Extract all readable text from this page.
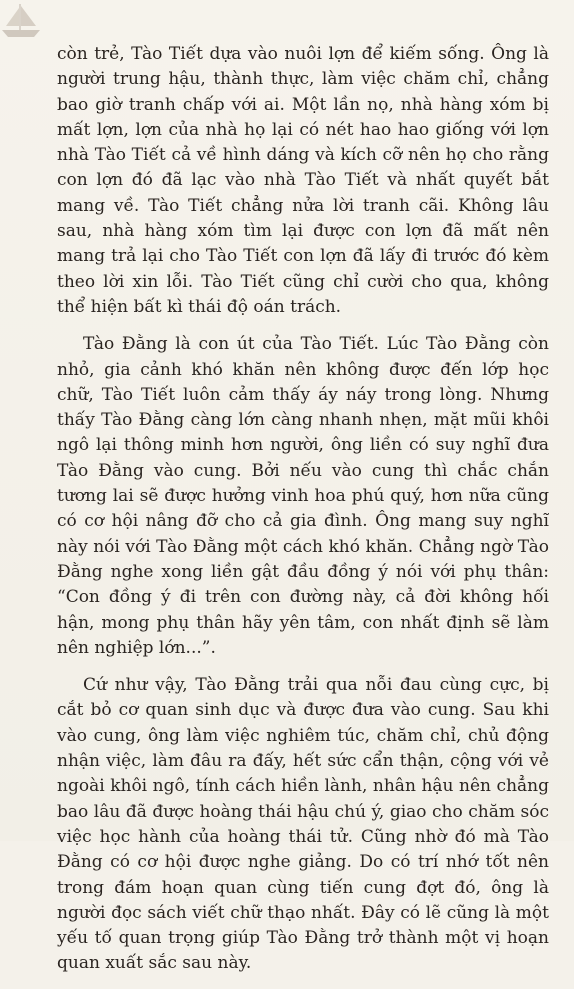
còn trẻ, Tào Tiết dựa vào nuôi lợn để kiếm sống. Ông là người trung hậu, thành thực, làm việc chăm chỉ, chẳng bao giờ tranh chấp với ai. Một lần nọ, nhà hàng xóm bị mất lợn, lợn của nhà họ lại có nét hao hao giống với lợn nhà Tào Tiết cả về hình dáng và kích cỡ nên họ cho rằng con lợn đó đã lạc vào nhà Tào Tiết và nhất quyết bắt mang về. Tào Tiết chẳng nửa lời tranh cãi. Không lâu sau, nhà hàng xóm tìm lại được con lợn đã mất nên mang trả lại cho Tào Tiết con lợn đã lấy đi trước đó kèm theo lời xin lỗi. Tào Tiết cũng chỉ cười cho qua, không thể hiện bất kì thái độ oán trách.

Tào Đằng là con út của Tào Tiết. Lúc Tào Đằng còn nhỏ, gia cảnh khó khăn nên không được đến lớp học chữ, Tào Tiết luôn cảm thấy áy náy trong lòng. Nhưng thấy Tào Đằng càng lớn càng nhanh nhẹn, mặt mũi khôi ngô lại thông minh hơn người, ông liền có suy nghĩ đưa Tào Đằng vào cung. Bởi nếu vào cung thì chắc chắn tương lai sẽ được hưởng vinh hoa phú quý, hơn nữa cũng có cơ hội nâng đỡ cho cả gia đình. Ông mang suy nghĩ này nói với Tào Đằng một cách khó khăn. Chẳng ngờ Tào Đằng nghe xong liền gật đầu đồng ý nói với phụ thân: “Con đồng ý đi trên con đường này, cả đời không hối hận, mong phụ thân hãy yên tâm, con nhất định sẽ làm nên nghiệp lớn...”.

Cứ như vậy, Tào Đằng trải qua nỗi đau cùng cực, bị cắt bỏ cơ quan sinh dục và được đưa vào cung. Sau khi vào cung, ông làm việc nghiêm túc, chăm chỉ, chủ động nhận việc, làm đâu ra đấy, hết sức cẩn thận, cộng với vẻ ngoài khôi ngô, tính cách hiền lành, nhân hậu nên chẳng bao lâu đã được hoàng thái hậu chú ý, giao cho chăm sóc việc học hành của hoàng thái tử. Cũng nhờ đó mà Tào Đằng có cơ hội được nghe giảng. Do có trí nhớ tốt nên trong đám hoạn quan cùng tiến cung đợt đó, ông là người đọc sách viết chữ thạo nhất. Đây có lẽ cũng là một yếu tố quan trọng giúp Tào Đằng trở thành một vị hoạn quan xuất sắc sau này.
